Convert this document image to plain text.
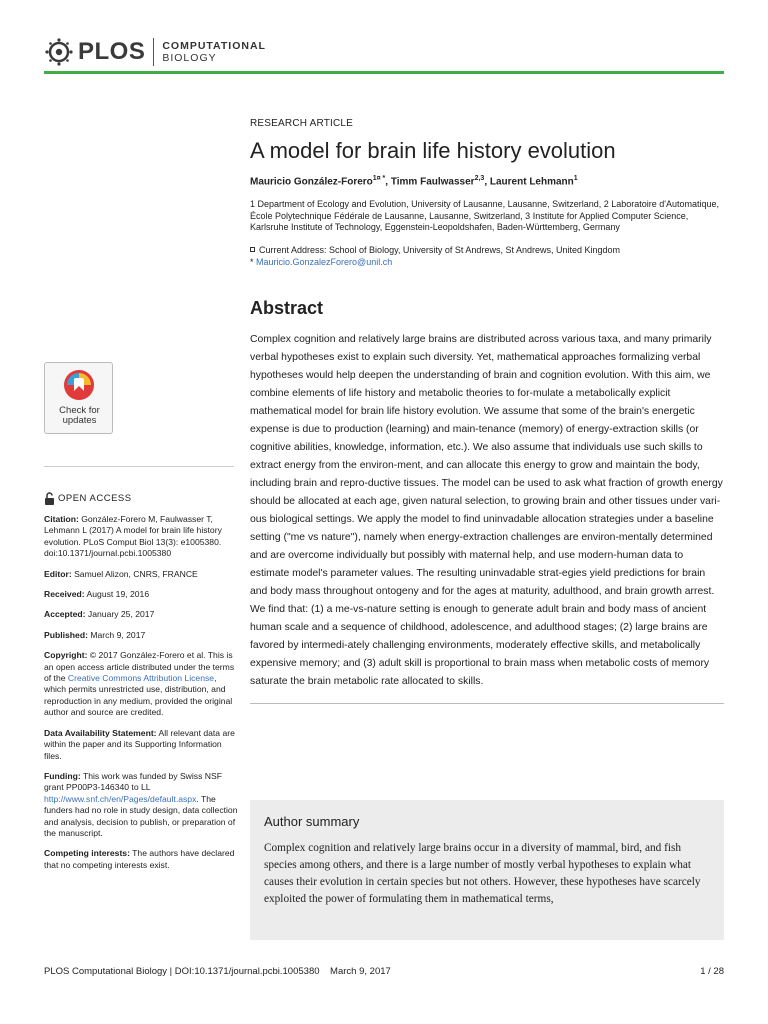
PLOS COMPUTATIONAL
BIOLOGY
Check for
updates
OPEN ACCESS
Citation: González-Forero M, Faulwasser T, Lehmann L (2017) A model for brain life history evolution. PLoS Comput Biol 13(3): e1005380. doi:10.1371/journal.pcbi.1005380
Editor: Samuel Alizon, CNRS, FRANCE
Received: August 19, 2016
Accepted: January 25, 2017
Published: March 9, 2017
Copyright: © 2017 González-Forero et al. This is an open access article distributed under the terms of the Creative Commons Attribution License, which permits unrestricted use, distribution, and reproduction in any medium, provided the original author and source are credited.
Data Availability Statement: All relevant data are within the paper and its Supporting Information files.
Funding: This work was funded by Swiss NSF grant PP00P3-146340 to LL http://www.snf.ch/en/Pages/default.aspx. The funders had no role in study design, data collection and analysis, decision to publish, or preparation of the manuscript.
Competing interests: The authors have declared that no competing interests exist.
RESEARCH ARTICLE
A model for brain life history evolution
Mauricio González-Forero$^{1¤ *}$, Timm Faulwasser$^{2,3}$, Laurent Lehmann$^1$
1 Department of Ecology and Evolution, University of Lausanne, Lausanne, Switzerland, 2 Laboratoire d'Automatique, École Polytechnique Fédérale de Lausanne, Lausanne, Switzerland, 3 Institute for Applied Computer Science, Karlsruhe Institute of Technology, Eggenstein-Leopoldshafen, Baden-Württemberg, Germany
Current Address: School of Biology, University of St Andrews, St Andrews, United Kingdom
* Mauricio.GonzalezForero@unil.ch
Abstract

Complex cognition and relatively large brains are distributed across various taxa, and many primarily verbal hypotheses exist to explain such diversity. Yet, mathematical approaches formalizing verbal hypotheses would help deepen the understanding of brain and cognition evolution. With this aim, we combine elements of life history and metabolic theories to for-mulate a metabolically explicit mathematical model for brain life history evolution. We assume that some of the brain's energetic expense is due to production (learning) and main-tenance (memory) of energy-extraction skills (or cognitive abilities, knowledge, information, etc.). We also assume that individuals use such skills to extract energy from the environ-ment, and can allocate this energy to grow and maintain the body, including brain and repro-ductive tissues. The model can be used to ask what fraction of growth energy should be allocated at each age, given natural selection, to growing brain and other tissues under vari-ous biological settings. We apply the model to find uninvadable allocation strategies under a baseline setting ("me vs nature"), namely when energy-extraction challenges are environ-mentally determined and are overcome individually but possibly with maternal help, and use modern-human data to estimate model's parameter values. The resulting uninvadable strat-egies yield predictions for brain and body mass throughout ontogeny and for the ages at maturity, adulthood, and brain growth arrest. We find that: (1) a me-vs-nature setting is enough to generate adult brain and body mass of ancient human scale and a sequence of childhood, adolescence, and adulthood stages; (2) large brains are favored by intermedi-ately challenging environments, moderately effective skills, and metabolically expensive memory; and (3) adult skill is proportional to brain mass when metabolic costs of memory saturate the brain metabolic rate allocated to skills.

Author summary
Complex cognition and relatively large brains occur in a diversity of mammal, bird, and fish species among others, and there is a large number of mostly verbal hypotheses to explain what causes their evolution in certain species but not others. However, these hypotheses have scarcely exploited the power of formulating them in mathematical terms,
PLOS Computational Biology | DOI:10.1371/journal.pcbi.1005380    March 9, 2017	1 / 28
